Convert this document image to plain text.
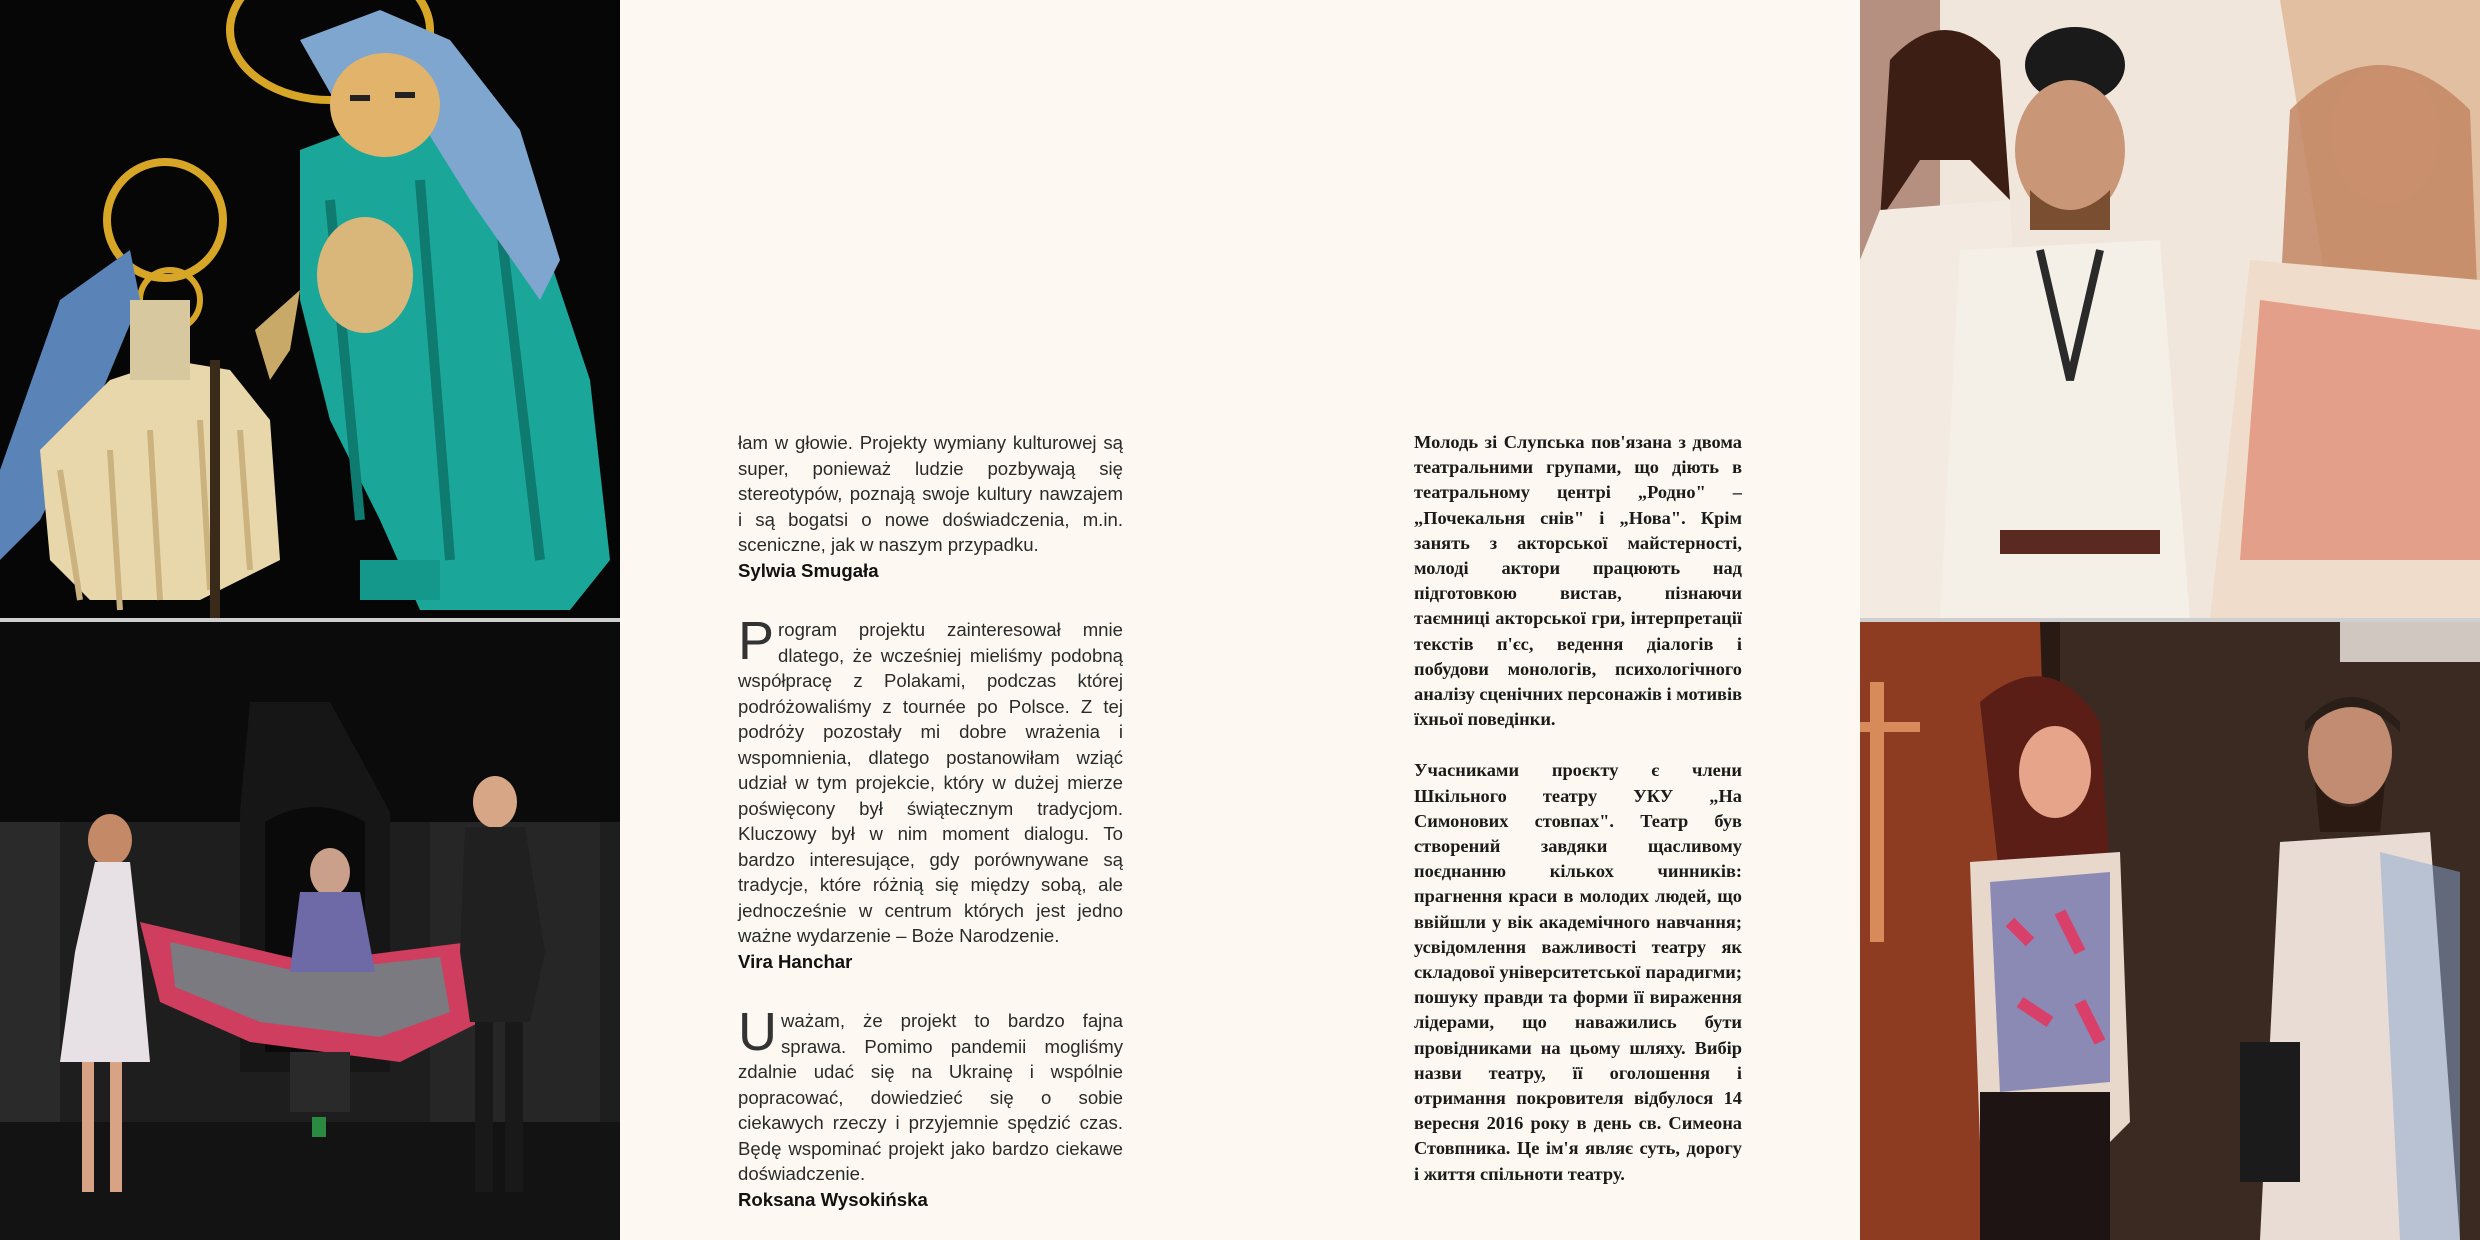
łam w głowie. Projekty wymiany kulturowej są super, ponieważ ludzie pozbywają się stereotypów, poznają swoje kultury nawzajem i są bogatsi o nowe doświadczenia, m.in. sceniczne, jak w naszym przypadku.

Sylwia Smugała

Program projektu zainteresował mnie dlatego, że wcześniej mieliśmy podobną współpracę z Polakami, podczas której podróżowaliśmy z tournée po Polsce. Z tej podróży pozostały mi dobre wrażenia i wspomnienia, dlatego postanowiłam wziąć udział w tym projekcie, który w dużej mierze poświęcony był świątecznym tradycjom. Kluczowy był w nim moment dialogu. To bardzo interesujące, gdy porównywane są tradycje, które różnią się między sobą, ale jednocześnie w centrum których jest jedno ważne wydarzenie – Boże Narodzenie.

Vira Hanchar

Uważam, że projekt to bardzo fajna sprawa. Pomimo pandemii mogliśmy zdalnie udać się na Ukrainę i wspólnie popracować, dowiedzieć się o sobie ciekawych rzeczy i przyjemnie spędzić czas. Będę wspominać projekt jako bardzo ciekawe doświadczenie.

Roksana Wysokińska

Молодь зі Слупська пов'язана з двома театральними групами, що діють в театральному центрі „Родно" – „Почекальня снів" і „Нова". Крім занять з акторської майстерності, молоді актори працюють над підготовкою вистав, пізнаючи таємниці акторської гри, інтерпретації текстів п'єс, ведення діалогів і побудови монологів, психологічного аналізу сценічних персонажів і мотивів їхньої поведінки.

Учасниками проєкту є члени Шкільного театру УКУ „На Симонових стовпах". Театр був створений завдяки щасливому поєднанню кількох чинників: прагнення краси в молодих людей, що ввійшли у вік академічного навчання; усвідомлення важливості театру як складової університетської парадигми; пошуку правди та форми її вираження лідерами, що наважились бути провідниками на цьому шляху. Вибір назви театру, її оголошення і отримання покровителя відбулося 14 вересня 2016 року в день св. Симеона Стовпника. Це ім'я являє суть, дорогу і життя спільноти театру.
